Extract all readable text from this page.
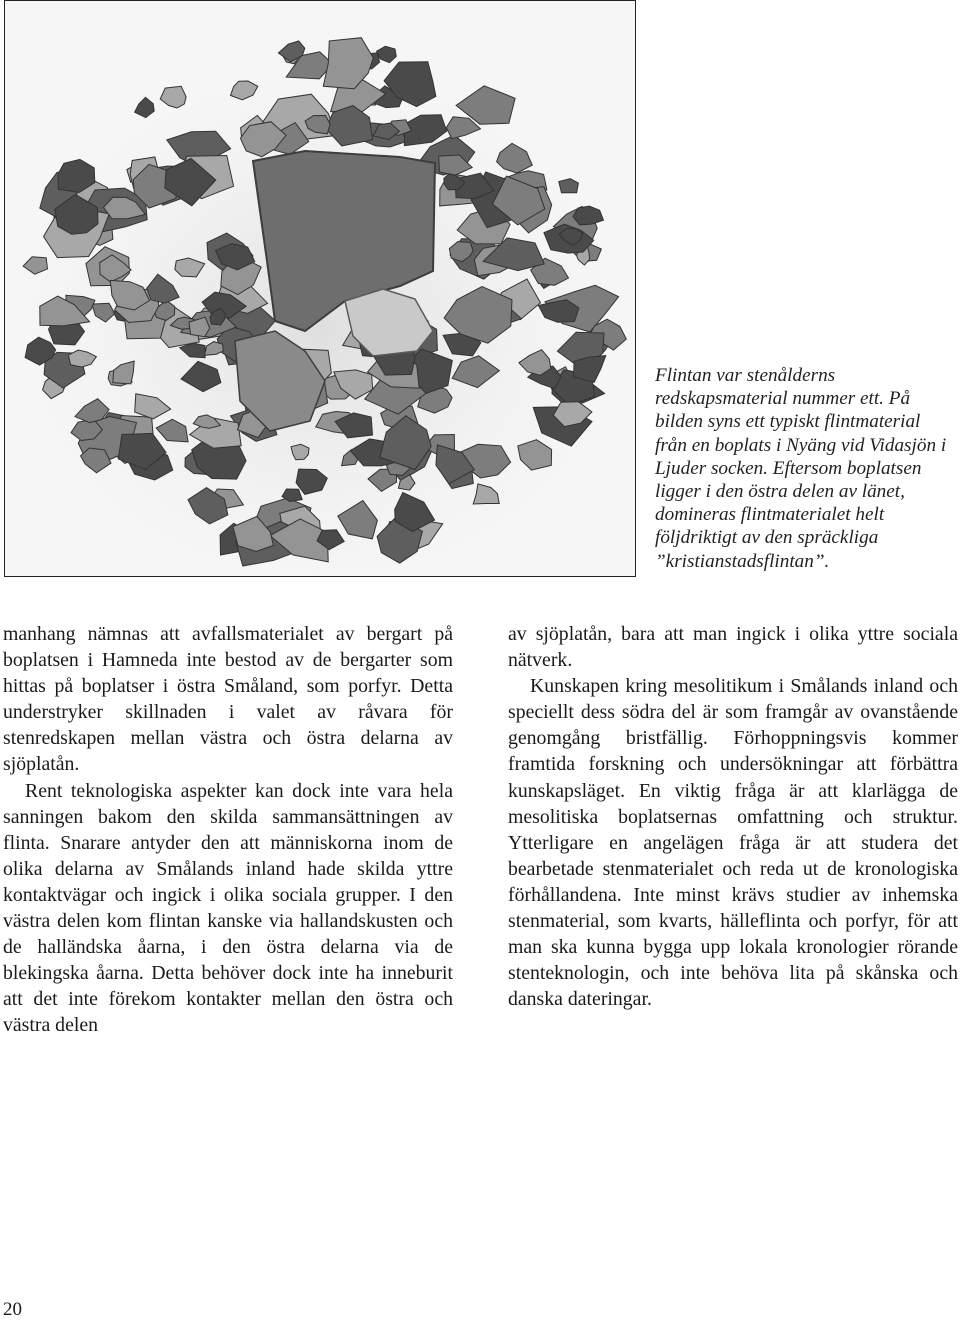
Flintan var stenålderns redskapsmaterial nummer ett. På bilden syns ett typiskt flintmaterial från en boplats i Nyäng vid Vidasjön i Ljuder socken. Eftersom boplatsen ligger i den östra delen av länet, domineras flintmaterialet helt följdriktigt av den spräckliga ”kristianstadsflintan”.

manhang nämnas att avfallsmaterialet av bergart på boplatsen i Hamneda inte bestod av de bergarter som hittas på boplatser i östra Småland, som porfyr. Detta understryker skillnaden i valet av råvara för stenredskapen mellan västra och östra delarna av sjöplatån.

Rent teknologiska aspekter kan dock inte vara hela sanningen bakom den skilda sammansättningen av flinta. Snarare antyder den att människorna inom de olika delarna av Smålands inland hade skilda yttre kontaktvägar och ingick i olika sociala grupper. I den västra delen kom flintan kanske via hallandskusten och de halländska åarna, i den östra delarna via de blekingska åarna. Detta behöver dock inte ha inneburit att det inte förekom kontakter mellan den östra och västra delen

av sjöplatån, bara att man ingick i olika yttre sociala nätverk.

Kunskapen kring mesolitikum i Smålands inland och speciellt dess södra del är som framgår av ovanstående genomgång bristfällig. Förhoppningsvis kommer framtida forskning och undersökningar att förbättra kunskapsläget. En viktig fråga är att klarlägga de mesolitiska boplatsernas omfattning och struktur. Ytterligare en angelägen fråga är att studera det bearbetade stenmaterialet och reda ut de kronologiska förhållandena. Inte minst krävs studier av inhemska stenmaterial, som kvarts, hälleflinta och porfyr, för att man ska kunna bygga upp lokala kronologier rörande stenteknologin, och inte behöva lita på skånska och danska dateringar.

20
